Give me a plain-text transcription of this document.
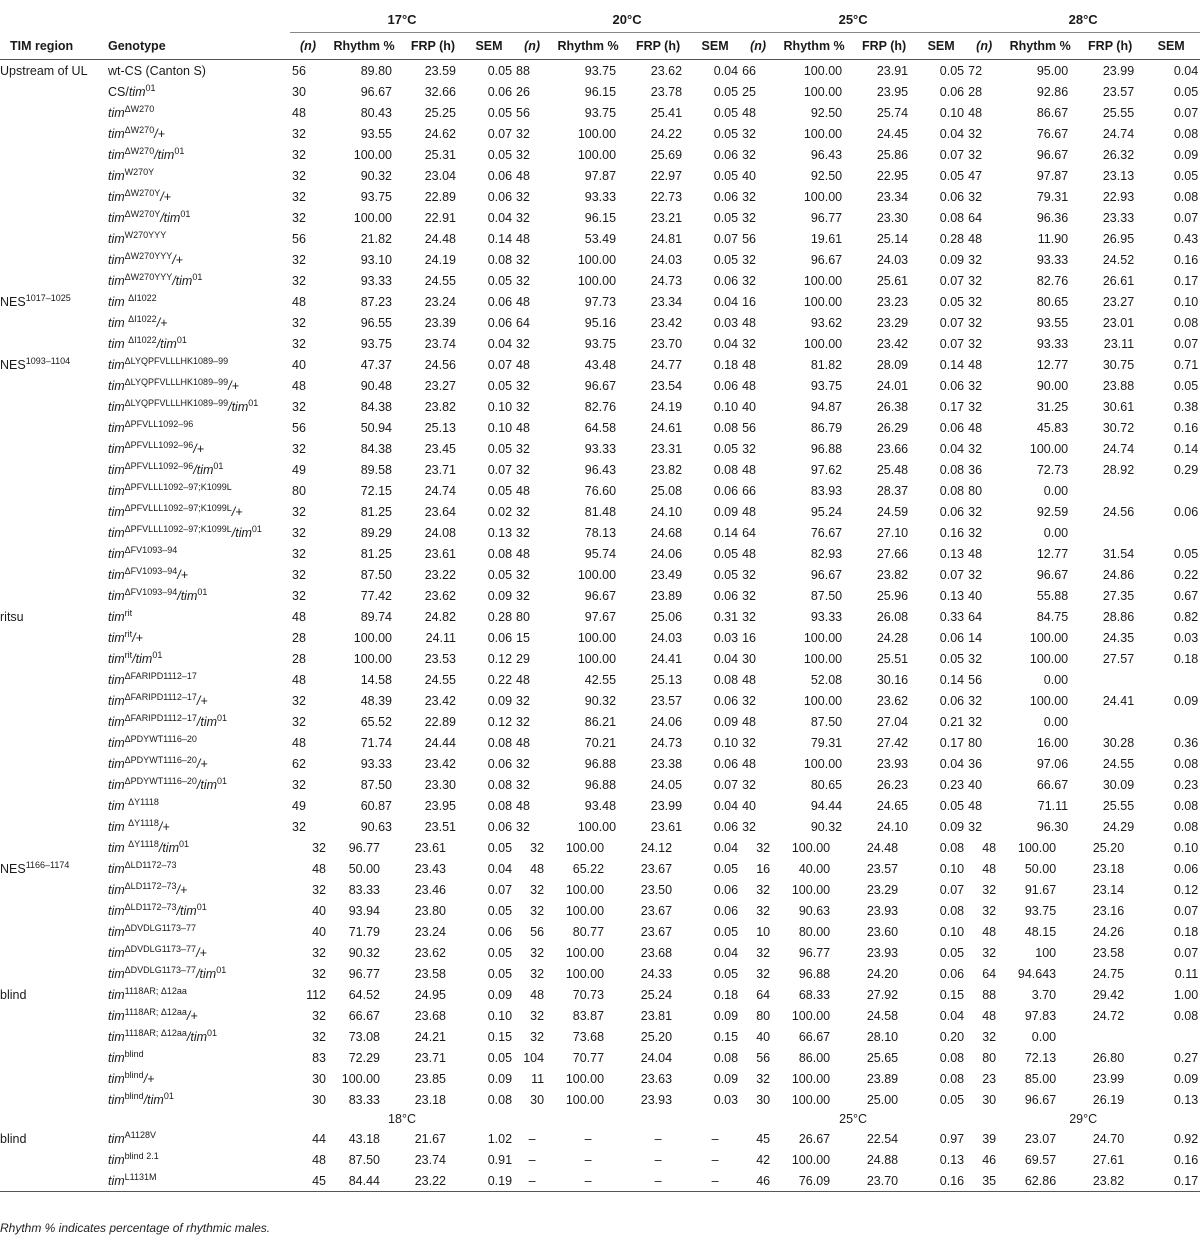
		17°C				20°C				25°C				28°C			
TIM region	Genotype	(n)	Rhythm %	FRP (h)	SEM	(n)	Rhythm %	FRP (h)	SEM	(n)	Rhythm %	FRP (h)	SEM	(n)	Rhythm %	FRP (h)	SEM
Upstream of UL	wt-CS (Canton S)	56	89.80	23.59	0.05	88	93.75	23.62	0.04	66	100.00	23.91	0.05	72	95.00	23.99	0.04
	CS/tim$^{01}$	30	96.67	32.66	0.06	26	96.15	23.78	0.05	25	100.00	23.95	0.06	28	92.86	23.57	0.05
	tim$^{\Delta W270}$	48	80.43	25.25	0.05	56	93.75	25.41	0.05	48	92.50	25.74	0.10	48	86.67	25.55	0.07
	tim$^{\Delta W270}$/+	32	93.55	24.62	0.07	32	100.00	24.22	0.05	32	100.00	24.45	0.04	32	76.67	24.74	0.08
	tim$^{\Delta W270}$/tim$^{01}$	32	100.00	25.31	0.05	32	100.00	25.69	0.06	32	96.43	25.86	0.07	32	96.67	26.32	0.09
	tim$^{W270Y}$	32	90.32	23.04	0.06	48	97.87	22.97	0.05	40	92.50	22.95	0.05	47	97.87	23.13	0.05
	tim$^{\Delta W270Y}$/+	32	93.75	22.89	0.06	32	93.33	22.73	0.06	32	100.00	23.34	0.06	32	79.31	22.93	0.08
	tim$^{\Delta W270Y}$/tim$^{01}$	32	100.00	22.91	0.04	32	96.15	23.21	0.05	32	96.77	23.30	0.08	64	96.36	23.33	0.07
	tim$^{W270YYY}$	56	21.82	24.48	0.14	48	53.49	24.81	0.07	56	19.61	25.14	0.28	48	11.90	26.95	0.43
	tim$^{\Delta W270YYY}$/+	32	93.10	24.19	0.08	32	100.00	24.03	0.05	32	96.67	24.03	0.09	32	93.33	24.52	0.16
	tim$^{\Delta W270YYY}$/tim$^{01}$	32	93.33	24.55	0.05	32	100.00	24.73	0.06	32	100.00	25.61	0.07	32	82.76	26.61	0.17
$NES^{1017-1025}$	tim $^{\Delta I1022}$	48	87.23	23.24	0.06	48	97.73	23.34	0.04	16	100.00	23.23	0.05	32	80.65	23.27	0.10
	tim $^{\Delta I1022}$/+	32	96.55	23.39	0.06	64	95.16	23.42	0.03	48	93.62	23.29	0.07	32	93.55	23.01	0.08
	tim $^{\Delta I1022}$/tim$^{01}$	32	93.75	23.74	0.04	32	93.75	23.70	0.04	32	100.00	23.42	0.07	32	93.33	23.11	0.07
$NES^{1093-1104}$	tim$^{\Delta LYQPFVLLLHK1089-99}$	40	47.37	24.56	0.07	48	43.48	24.77	0.18	48	81.82	28.09	0.14	48	12.77	30.75	0.71
	tim$^{\Delta LYQPFVLLLHK1089-99}$/+	48	90.48	23.27	0.05	32	96.67	23.54	0.06	48	93.75	24.01	0.06	32	90.00	23.88	0.05
	tim$^{\Delta LYQPFVLLLHK1089-99}$/tim$^{01}$	32	84.38	23.82	0.10	32	82.76	24.19	0.10	40	94.87	26.38	0.17	32	31.25	30.61	0.38
	tim$^{\Delta PFVLL1092-96}$	56	50.94	25.13	0.10	48	64.58	24.61	0.08	56	86.79	26.29	0.06	48	45.83	30.72	0.16
	tim$^{\Delta PFVLL1092-96}$/+	32	84.38	23.45	0.05	32	93.33	23.31	0.05	32	96.88	23.66	0.04	32	100.00	24.74	0.14
	tim$^{\Delta PFVLL1092-96}$/tim$^{01}$	49	89.58	23.71	0.07	32	96.43	23.82	0.08	48	97.62	25.48	0.08	36	72.73	28.92	0.29
	tim$^{\Delta PFVLLL1092-97;K1099L}$	80	72.15	24.74	0.05	48	76.60	25.08	0.06	66	83.93	28.37	0.08	80	0.00		
	tim$^{\Delta PFVLLL1092-97;K1099L}$/+	32	81.25	23.64	0.02	32	81.48	24.10	0.09	48	95.24	24.59	0.06	32	92.59	24.56	0.06
	tim$^{\Delta PFVLLL1092-97;K1099L}$/tim$^{01}$	32	89.29	24.08	0.13	32	78.13	24.68	0.14	64	76.67	27.10	0.16	32	0.00		
	tim$^{\Delta FV1093-94}$	32	81.25	23.61	0.08	48	95.74	24.06	0.05	48	82.93	27.66	0.13	48	12.77	31.54	0.05
	tim$^{\Delta FV1093-94}$/+	32	87.50	23.22	0.05	32	100.00	23.49	0.05	32	96.67	23.82	0.07	32	96.67	24.86	0.22
	tim$^{\Delta FV1093-94}$/tim$^{01}$	32	77.42	23.62	0.09	32	96.67	23.89	0.06	32	87.50	25.96	0.13	40	55.88	27.35	0.67
ritsu	tim$^{rit}$	48	89.74	24.82	0.28	80	97.67	25.06	0.31	32	93.33	26.08	0.33	64	84.75	28.86	0.82
	tim$^{rit}$/+	28	100.00	24.11	0.06	15	100.00	24.03	0.03	16	100.00	24.28	0.06	14	100.00	24.35	0.03
	tim$^{rit}$/tim$^{01}$	28	100.00	23.53	0.12	29	100.00	24.41	0.04	30	100.00	25.51	0.05	32	100.00	27.57	0.18
	tim$^{\Delta FARIPD1112-17}$	48	14.58	24.55	0.22	48	42.55	25.13	0.08	48	52.08	30.16	0.14	56	0.00		
	tim$^{\Delta FARIPD1112-17}$/+	32	48.39	23.42	0.09	32	90.32	23.57	0.06	32	100.00	23.62	0.06	32	100.00	24.41	0.09
	tim$^{\Delta FARIPD1112-17}$/tim$^{01}$	32	65.52	22.89	0.12	32	86.21	24.06	0.09	48	87.50	27.04	0.21	32	0.00		
	tim$^{\Delta PDYWT1116-20}$	48	71.74	24.44	0.08	48	70.21	24.73	0.10	32	79.31	27.42	0.17	80	16.00	30.28	0.36
	tim$^{\Delta PDYWT1116-20}$/+	62	93.33	23.42	0.06	32	96.88	23.38	0.06	48	100.00	23.93	0.04	36	97.06	24.55	0.08
	tim$^{\Delta PDYWT1116-20}$/tim$^{01}$	32	87.50	23.30	0.08	32	96.88	24.05	0.07	32	80.65	26.23	0.23	40	66.67	30.09	0.23
	tim $^{\Delta Y1118}$	49	60.87	23.95	0.08	48	93.48	23.99	0.04	40	94.44	24.65	0.05	48	71.11	25.55	0.08
	tim $^{\Delta Y1118}$/+	32	90.63	23.51	0.06	32	100.00	23.61	0.06	32	90.32	24.10	0.09	32	96.30	24.29	0.08
	tim $^{\Delta Y1118}$/tim$^{01}$	32	96.77	23.61	0.05	32	100.00	24.12	0.04	32	100.00	24.48	0.08	48	100.00	25.20	0.10
$NES^{1166-1174}$	tim$^{\Delta LD1172-73}$	48	50.00	23.43	0.04	48	65.22	23.67	0.05	16	40.00	23.57	0.10	48	50.00	23.18	0.06
	tim$^{\Delta LD1172-73}$/+	32	83.33	23.46	0.07	32	100.00	23.50	0.06	32	100.00	23.29	0.07	32	91.67	23.14	0.12
	tim$^{\Delta LD1172-73}$/tim$^{01}$	40	93.94	23.80	0.05	32	100.00	23.67	0.06	32	90.63	23.93	0.08	32	93.75	23.16	0.07
	tim$^{\Delta DVDLG1173-77}$	40	71.79	23.24	0.06	56	80.77	23.67	0.05	10	80.00	23.60	0.10	48	48.15	24.26	0.18
	tim$^{\Delta DVDLG1173-77}$/+	32	90.32	23.62	0.05	32	100.00	23.68	0.04	32	96.77	23.93	0.05	32	100	23.58	0.07
	tim$^{\Delta DVDLG1173-77}$/tim$^{01}$	32	96.77	23.58	0.05	32	100.00	24.33	0.05	32	96.88	24.20	0.06	64	94.643	24.75	0.11
blind	tim$^{1118AR; \Delta 12aa}$	112	64.52	24.95	0.09	48	70.73	25.24	0.18	64	68.33	27.92	0.15	88	3.70	29.42	1.00
	tim$^{1118AR; \Delta 12aa}$/+	32	66.67	23.68	0.10	32	83.87	23.81	0.09	80	100.00	24.58	0.04	48	97.83	24.72	0.08
	tim$^{1118AR; \Delta 12aa}$/tim$^{01}$	32	73.08	24.21	0.15	32	73.68	25.20	0.15	40	66.67	28.10	0.20	32	0.00		
	tim$^{blind}$	83	72.29	23.71	0.05	104	70.77	24.04	0.08	56	86.00	25.65	0.08	80	72.13	26.80	0.27
	tim$^{blind}$/+	30	100.00	23.85	0.09	11	100.00	23.63	0.09	32	100.00	23.89	0.08	23	85.00	23.99	0.09
	tim$^{blind}$/tim$^{01}$	30	83.33	23.18	0.08	30	100.00	23.93	0.03	30	100.00	25.00	0.05	30	96.67	26.19	0.13
		18°C								25°C				29°C			
blind	tim$^{A1128V}$	44	43.18	21.67	1.02	–	–	–	–	45	26.67	22.54	0.97	39	23.07	24.70	0.92
	tim$^{blind 2.1}$	48	87.50	23.74	0.91	–	–	–	–	42	100.00	24.88	0.13	46	69.57	27.61	0.16
	tim$^{L1131M}$	45	84.44	23.22	0.19	–	–	–	–	46	76.09	23.70	0.16	35	62.86	23.82	0.17
Rhythm % indicates percentage of rhythmic males.
